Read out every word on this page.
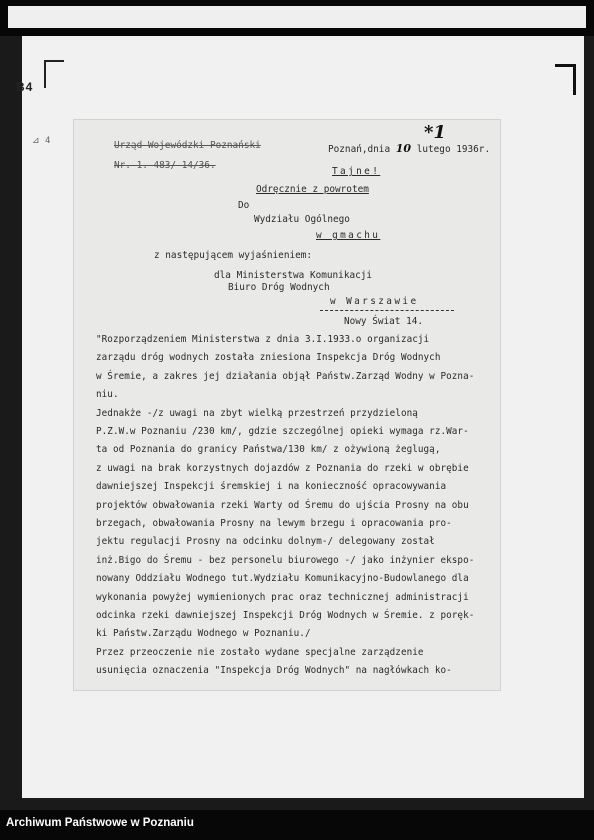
B4
⊿ 4	Urząd Wojewódzki Poznański
Nr. 1. 483/ 14/36.
Poznań,dnia 10 lutego 1936r.
*1
Tajne!
Odręcznie z powrotem
Do
Wydziału Ogólnego
w gmachu
z następującem wyjaśnieniem:
dla Ministerstwa Komunikacji
Biuro Dróg Wodnych
w Warszawie
Nowy Świat 14.
"Rozporządzeniem Ministerstwa z dnia 3.I.1933.o organizacji
zarządu dróg wodnych została zniesiona Inspekcja Dróg Wodnych
w Śremie, a zakres jej działania objął Państw.Zarząd Wodny w Pozna-
niu.
Jednakże -/z uwagi na zbyt wielką przestrzeń przydzieloną
P.Z.W.w Poznaniu /230 km/, gdzie szczególnej opieki wymaga rz.War-
ta od Poznania do granicy Państwa/130 km/ z ożywioną żeglugą,
z uwagi na brak korzystnych dojazdów z Poznania do rzeki w obrębie
dawniejszej Inspekcji śremskiej i na konieczność opracowywania
projektów obwałowania rzeki Warty od Śremu do ujścia Prosny na obu
brzegach, obwałowania Prosny na lewym brzegu i opracowania pro-
jektu regulacji Prosny na odcinku dolnym-/ delegowany został
inż.Bigo do Śremu - bez personelu biurowego -/ jako inżynier ekspo-
nowany Oddziału Wodnego tut.Wydziału Komunikacyjno-Budowlanego dla
wykonania powyżej wymienionych prac oraz technicznej administracji
odcinka rzeki dawniejszej Inspekcji Dróg Wodnych w Śremie. z poręk-
ki Państw.Zarządu Wodnego w Poznaniu./
Przez przeoczenie nie zostało wydane specjalne zarządzenie
usunięcia oznaczenia "Inspekcja Dróg Wodnych" na nagłówkach ko-
Archiwum Państwowe w Poznaniu
